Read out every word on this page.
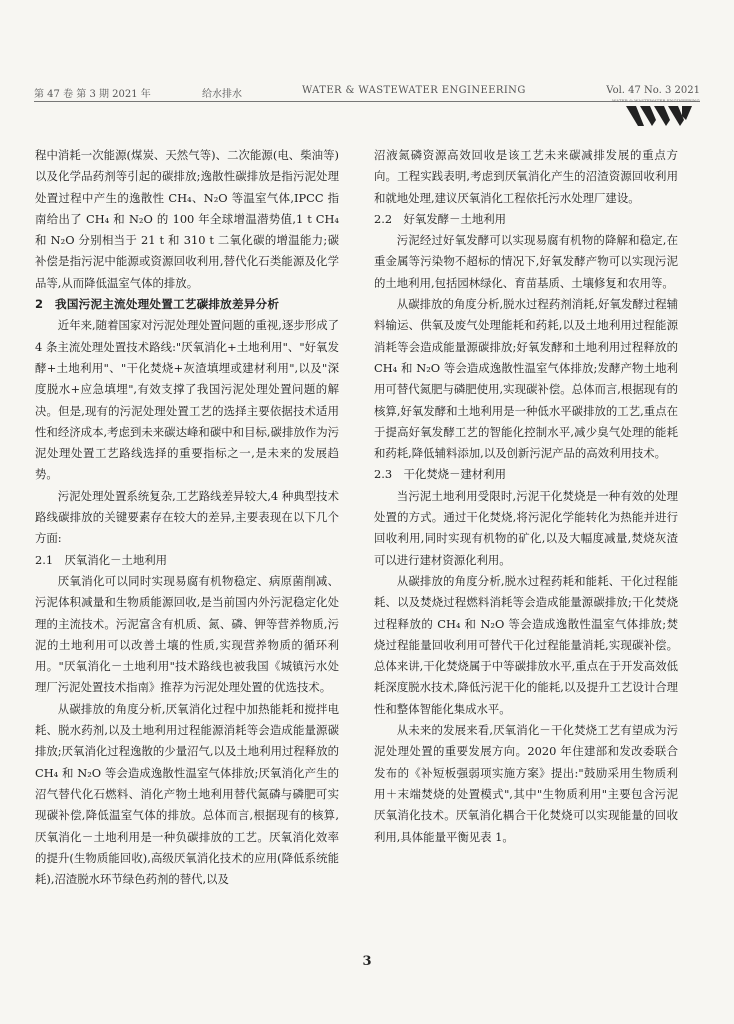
第 47 卷 第 3 期 2021 年	给水排水	WATER & WASTEWATER ENGINEERING	Vol. 47 No. 3 2021
WATER & WASTEWATER ENGINEERING

程中消耗一次能源(煤炭、天然气等)、二次能源(电、柴油等)以及化学品药剂等引起的碳排放;逸散性碳排放是指污泥处理处置过程中产生的逸散性 CH₄、N₂O 等温室气体,IPCC 指南给出了 CH₄ 和 N₂O 的 100 年全球增温潜势值,1 t CH₄ 和 N₂O 分别相当于 21 t 和 310 t 二氧化碳的增温能力;碳补偿是指污泥中能源或资源回收利用,替代化石类能源及化学品等,从而降低温室气体的排放。

2　我国污泥主流处理处置工艺碳排放差异分析

近年来,随着国家对污泥处理处置问题的重视,逐步形成了 4 条主流处理处置技术路线:"厌氧消化+土地利用"、"好氧发酵+土地利用"、"干化焚烧+灰渣填埋或建材利用",以及"深度脱水+应急填埋",有效支撑了我国污泥处理处置问题的解决。但是,现有的污泥处理处置工艺的选择主要依据技术适用性和经济成本,考虑到未来碳达峰和碳中和目标,碳排放作为污泥处理处置工艺路线选择的重要指标之一,是未来的发展趋势。

污泥处理处置系统复杂,工艺路线差异较大,4 种典型技术路线碳排放的关键要素存在较大的差异,主要表现在以下几个方面:

2.1　厌氧消化－土地利用

厌氧消化可以同时实现易腐有机物稳定、病原菌削减、污泥体积减量和生物质能源回收,是当前国内外污泥稳定化处理的主流技术。污泥富含有机质、氮、磷、钾等营养物质,污泥的土地利用可以改善土壤的性质,实现营养物质的循环利用。"厌氧消化－土地利用"技术路线也被我国《城镇污水处理厂污泥处置技术指南》推荐为污泥处理处置的优选技术。

从碳排放的角度分析,厌氧消化过程中加热能耗和搅拌电耗、脱水药剂,以及土地利用过程能源消耗等会造成能量源碳排放;厌氧消化过程逸散的少量沼气,以及土地利用过程释放的 CH₄ 和 N₂O 等会造成逸散性温室气体排放;厌氧消化产生的沼气替代化石燃料、消化产物土地利用替代氮磷与磷肥可实现碳补偿,降低温室气体的排放。总体而言,根据现有的核算,厌氧消化－土地利用是一种负碳排放的工艺。厌氧消化效率的提升(生物质能回收),高级厌氧消化技术的应用(降低系统能耗),沼渣脱水环节绿色药剂的替代,以及

沼液氮磷资源高效回收是该工艺未来碳减排发展的重点方向。工程实践表明,考虑到厌氧消化产生的沼渣资源回收利用和就地处理,建议厌氧消化工程依托污水处理厂建设。

2.2　好氧发酵－土地利用

污泥经过好氧发酵可以实现易腐有机物的降解和稳定,在重金属等污染物不超标的情况下,好氧发酵产物可以实现污泥的土地利用,包括园林绿化、育苗基质、土壤修复和农用等。

从碳排放的角度分析,脱水过程药剂消耗,好氧发酵过程辅料输运、供氧及废气处理能耗和药耗,以及土地利用过程能源消耗等会造成能量源碳排放;好氧发酵和土地利用过程释放的 CH₄ 和 N₂O 等会造成逸散性温室气体排放;发酵产物土地利用可替代氮肥与磷肥使用,实现碳补偿。总体而言,根据现有的核算,好氧发酵和土地利用是一种低水平碳排放的工艺,重点在于提高好氧发酵工艺的智能化控制水平,减少臭气处理的能耗和药耗,降低辅料添加,以及创新污泥产品的高效利用技术。

2.3　干化焚烧－建材利用

当污泥土地利用受限时,污泥干化焚烧是一种有效的处理处置的方式。通过干化焚烧,将污泥化学能转化为热能并进行回收利用,同时实现有机物的矿化,以及大幅度减量,焚烧灰渣可以进行建材资源化利用。

从碳排放的角度分析,脱水过程药耗和能耗、干化过程能耗、以及焚烧过程燃料消耗等会造成能量源碳排放;干化焚烧过程释放的 CH₄ 和 N₂O 等会造成逸散性温室气体排放;焚烧过程能量回收利用可替代干化过程能量消耗,实现碳补偿。总体来讲,干化焚烧属于中等碳排放水平,重点在于开发高效低耗深度脱水技术,降低污泥干化的能耗,以及提升工艺设计合理性和整体智能化集成水平。

从未来的发展来看,厌氧消化－干化焚烧工艺有望成为污泥处理处置的重要发展方向。2020 年住建部和发改委联合发布的《补短板强弱项实施方案》提出:"鼓励采用生物质利用＋末端焚烧的处置模式",其中"生物质利用"主要包含污泥厌氧消化技术。厌氧消化耦合干化焚烧可以实现能量的回收利用,具体能量平衡见表 1。

3
